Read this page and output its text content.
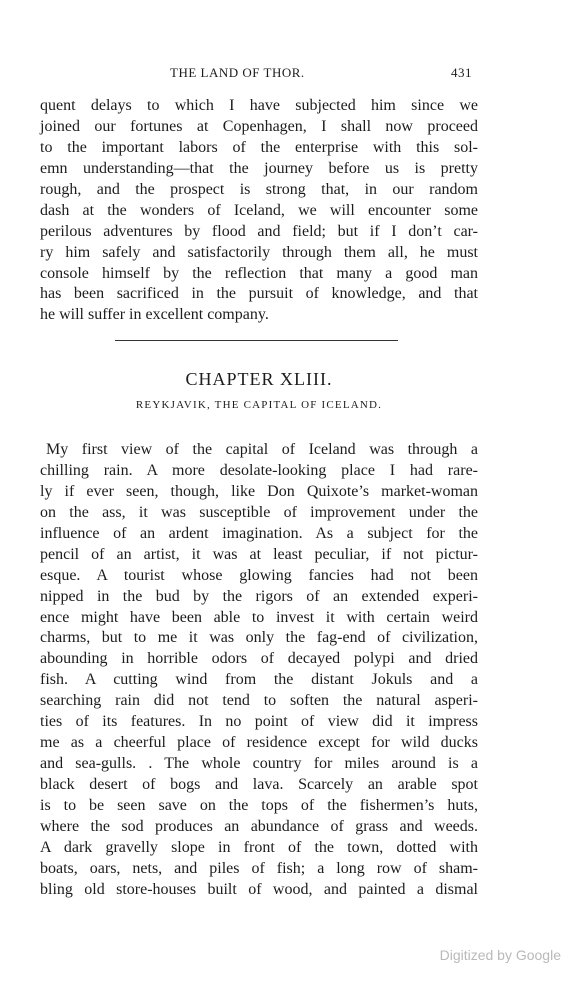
THE LAND OF THOR.	431
quent delays to which I have subjected him since we
joined our fortunes at Copenhagen, I shall now proceed
to the important labors of the enterprise with this sol-
emn understanding—that the journey before us is pretty
rough, and the prospect is strong that, in our random
dash at the wonders of Iceland, we will encounter some
perilous adventures by flood and field; but if I don’t car-
ry him safely and satisfactorily through them all, he must
console himself by the reflection that many a good man
has been sacrificed in the pursuit of knowledge, and that
he will suffer in excellent company.
CHAPTER XLIII.
REYKJAVIK, THE CAPITAL OF ICELAND.
My first view of the capital of Iceland was through a
chilling rain. A more desolate-looking place I had rare-
ly if ever seen, though, like Don Quixote’s market-woman
on the ass, it was susceptible of improvement under the
influence of an ardent imagination. As a subject for the
pencil of an artist, it was at least peculiar, if not pictur-
esque. A tourist whose glowing fancies had not been
nipped in the bud by the rigors of an extended experi-
ence might have been able to invest it with certain weird
charms, but to me it was only the fag-end of civilization,
abounding in horrible odors of decayed polypi and dried
fish. A cutting wind from the distant Jokuls and a
searching rain did not tend to soften the natural asperi-
ties of its features. In no point of view did it impress
me as a cheerful place of residence except for wild ducks
and sea-gulls. . The whole country for miles around is a
black desert of bogs and lava. Scarcely an arable spot
is to be seen save on the tops of the fishermen’s huts,
where the sod produces an abundance of grass and weeds.
A dark gravelly slope in front of the town, dotted with
boats, oars, nets, and piles of fish; a long row of sham-
bling old store-houses built of wood, and painted a dismal
Digitized by Google
